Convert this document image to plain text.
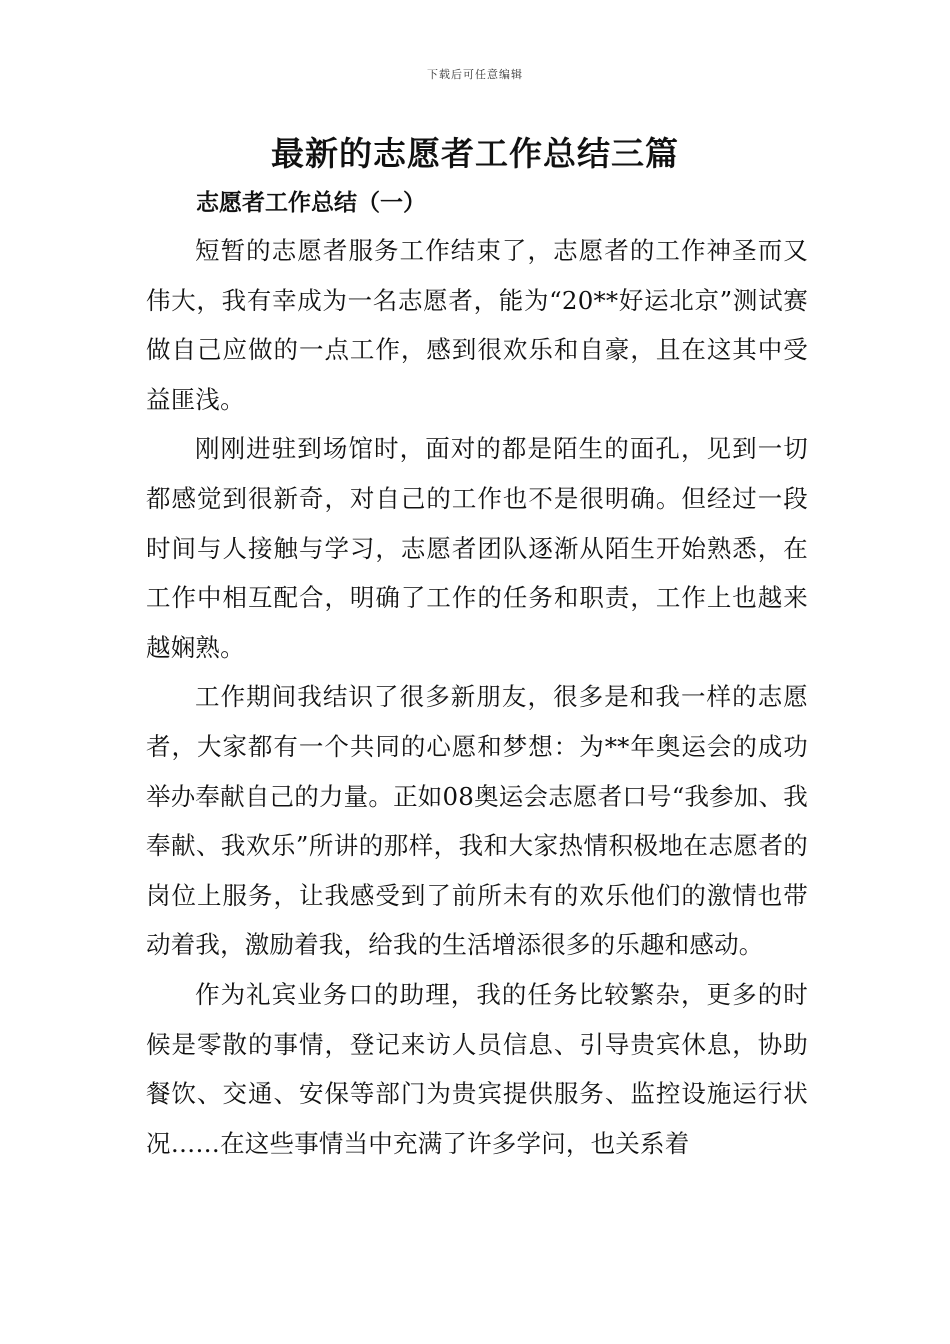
下载后可任意编辑
最新的志愿者工作总结三篇
志愿者工作总结（一）

短暂的志愿者服务工作结束了，志愿者的工作神圣而又伟大，我有幸成为一名志愿者，能为“20**好运北京”测试赛做自己应做的一点工作，感到很欢乐和自豪，且在这其中受益匪浅。

刚刚进驻到场馆时，面对的都是陌生的面孔，见到一切都感觉到很新奇，对自己的工作也不是很明确。但经过一段时间与人接触与学习，志愿者团队逐渐从陌生开始熟悉，在工作中相互配合，明确了工作的任务和职责，工作上也越来越娴熟。

工作期间我结识了很多新朋友，很多是和我一样的志愿者，大家都有一个共同的心愿和梦想：为**年奥运会的成功举办奉献自己的力量。正如08奥运会志愿者口号“我参加、我奉献、我欢乐”所讲的那样，我和大家热情积极地在志愿者的岗位上服务，让我感受到了前所未有的欢乐他们的激情也带动着我，激励着我，给我的生活增添很多的乐趣和感动。

作为礼宾业务口的助理，我的任务比较繁杂，更多的时候是零散的事情，登记来访人员信息、引导贵宾休息，协助餐饮、交通、安保等部门为贵宾提供服务、监控设施运行状况……在这些事情当中充满了许多学问，也关系着
